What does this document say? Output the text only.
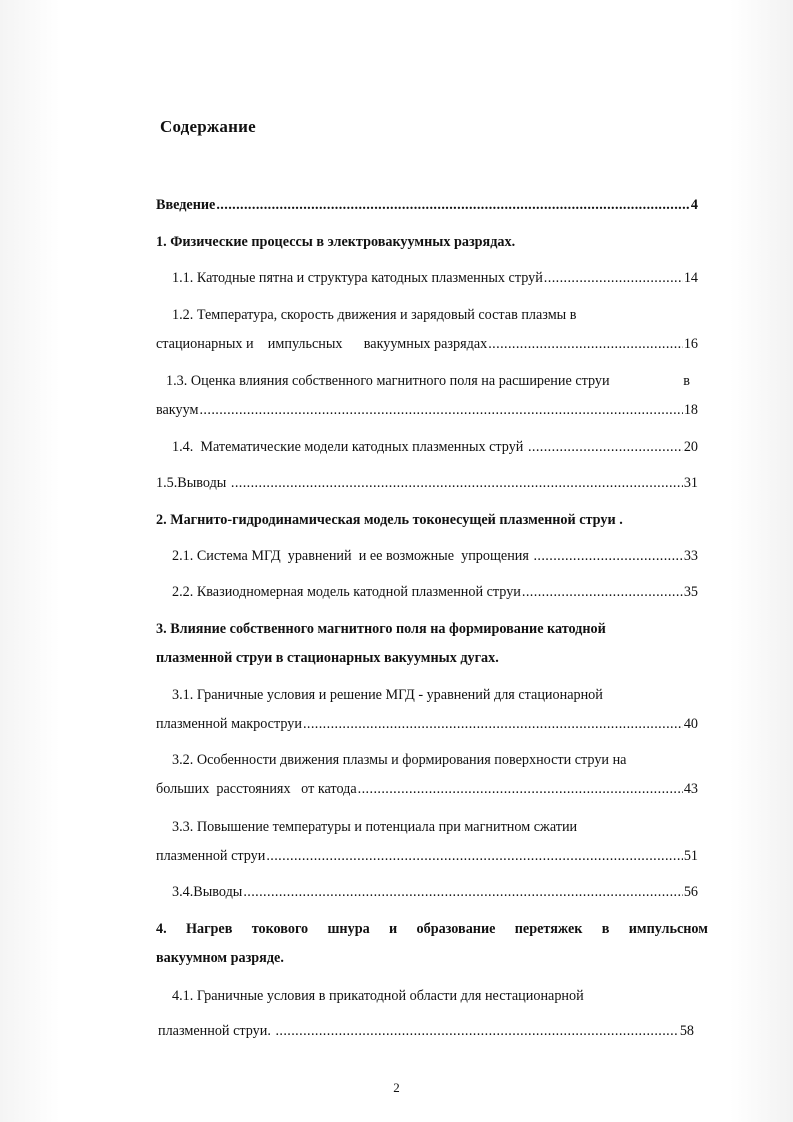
Содержание
Введение .....	4
1. Физические процессы в электровакуумных разрядах.
1.1. Катодные пятна и структура катодных плазменных струй .....	14
1.2. Температура, скорость движения и зарядовый состав плазмы в
стационарных и    импульсных      вакуумных разрядах .....	16
1.3. Оценка влияния собственного магнитного поля на расширение струи	в
вакуум .....	18
1.4.  Математические модели катодных плазменных струй .....	20
1.5.Выводы .....	31
2. Магнито-гидродинамическая модель токонесущей плазменной струи .
2.1. Система МГД  уравнений  и ее возможные  упрощения .....	33
2.2. Квазиодномерная модель катодной плазменной струи .....	35
3. Влияние собственного магнитного поля на формирование катодной
плазменной струи в стационарных вакуумных дугах.
3.1. Граничные условия и решение МГД - уравнений для стационарной
плазменной макроструи .....	40
3.2. Особенности движения плазмы и формирования поверхности струи на
больших  расстояниях   от катода .....	43
3.3. Повышение температуры и потенциала при магнитном сжатии
плазменной струи .....	51
3.4.Выводы .....	56
4. Нагрев токового шнура и образование перетяжек в импульсном
вакуумном разряде.
4.1. Граничные условия в прикатодной области для нестационарной
плазменной струи. .....	58
2
